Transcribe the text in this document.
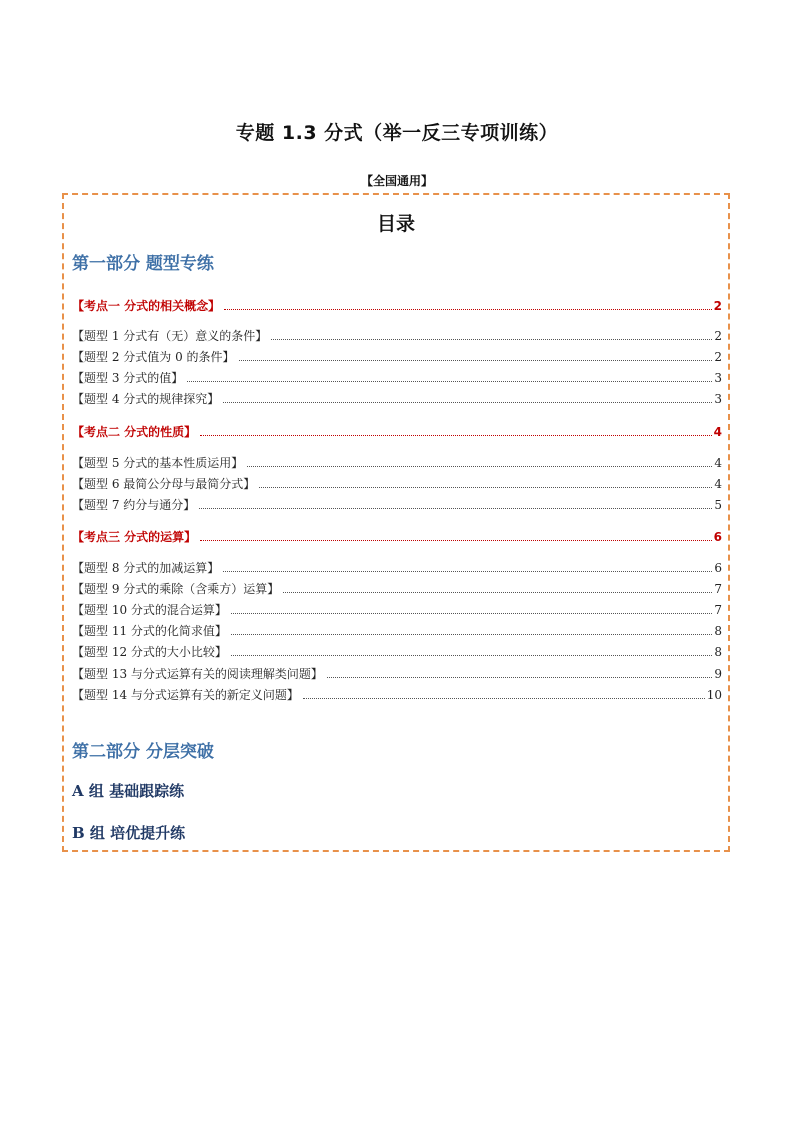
专题 1.3 分式（举一反三专项训练）
【全国通用】
目录
第一部分 题型专练
【考点一 分式的相关概念】	2
【题型 1 分式有（无）意义的条件】	2
【题型 2 分式值为 0 的条件】	2
【题型 3 分式的值】	3
【题型 4 分式的规律探究】	3
【考点二 分式的性质】	4
【题型 5 分式的基本性质运用】	4
【题型 6 最简公分母与最简分式】	4
【题型 7 约分与通分】	5
【考点三 分式的运算】	6
【题型 8 分式的加减运算】	6
【题型 9 分式的乘除（含乘方）运算】	7
【题型 10 分式的混合运算】	7
【题型 11 分式的化简求值】	8
【题型 12 分式的大小比较】	8
【题型 13 与分式运算有关的阅读理解类问题】	9
【题型 14 与分式运算有关的新定义问题】	10
第二部分 分层突破
A 组 基础跟踪练
B 组 培优提升练
